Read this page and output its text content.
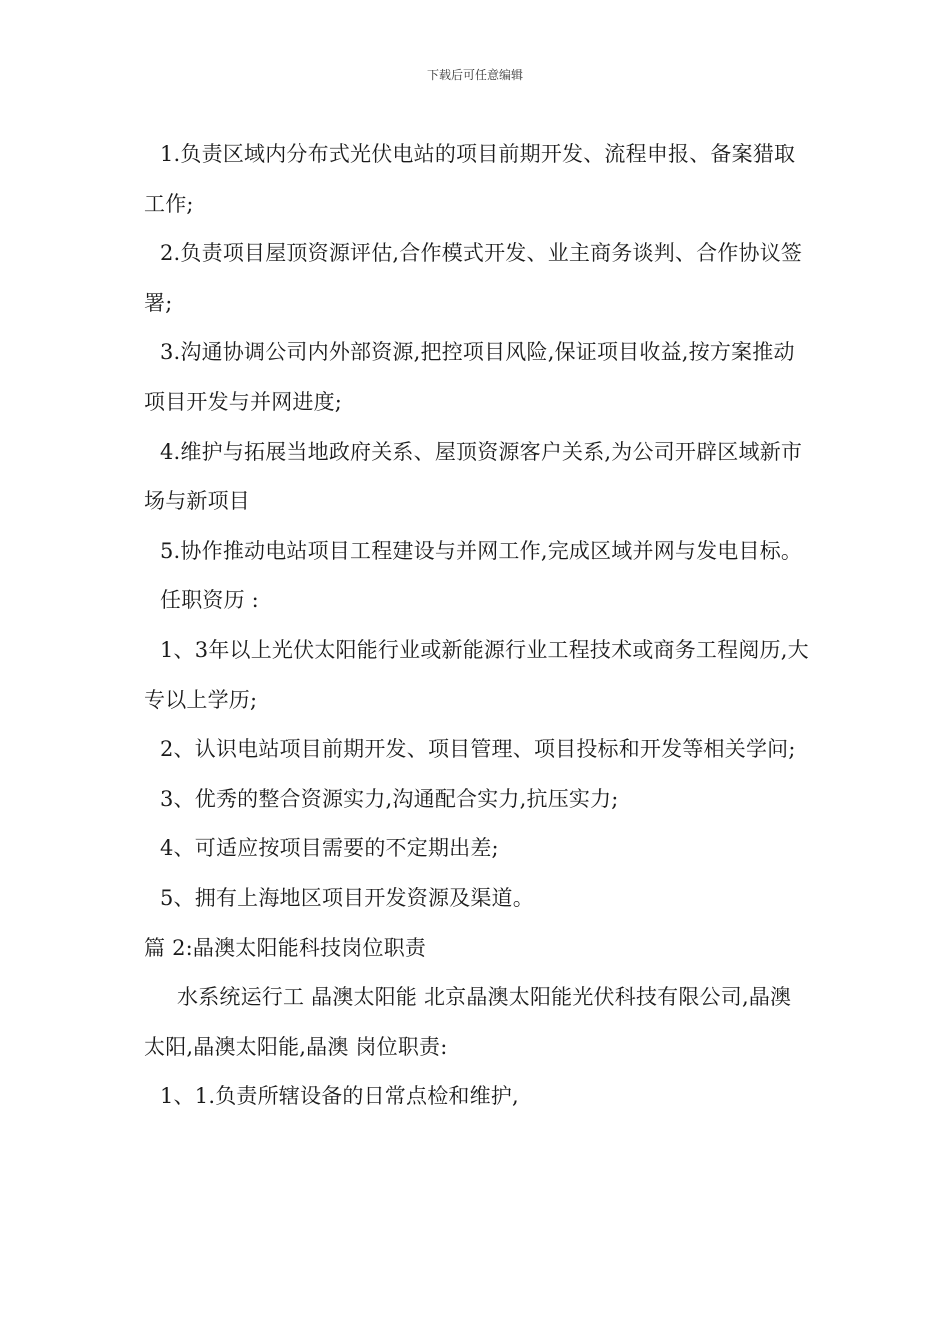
下载后可任意编辑

1.负责区域内分布式光伏电站的项目前期开发、流程申报、备案猎取工作;

2.负责项目屋顶资源评估,合作模式开发、业主商务谈判、合作协议签署;

3.沟通协调公司内外部资源,把控项目风险,保证项目收益,按方案推动项目开发与并网进度;

4.维护与拓展当地政府关系、屋顶资源客户关系,为公司开辟区域新市场与新项目

5.协作推动电站项目工程建设与并网工作,完成区域并网与发电目标。

任职资历 :

1、3年以上光伏太阳能行业或新能源行业工程技术或商务工程阅历,大专以上学历;

2、认识电站项目前期开发、项目管理、项目投标和开发等相关学问;

3、优秀的整合资源实力,沟通配合实力,抗压实力;

4、可适应按项目需要的不定期出差;

5、拥有上海地区项目开发资源及渠道。

篇 2:晶澳太阳能科技岗位职责

水系统运行工 晶澳太阳能 北京晶澳太阳能光伏科技有限公司,晶澳太阳,晶澳太阳能,晶澳 岗位职责:

1、1.负责所辖设备的日常点检和维护,
